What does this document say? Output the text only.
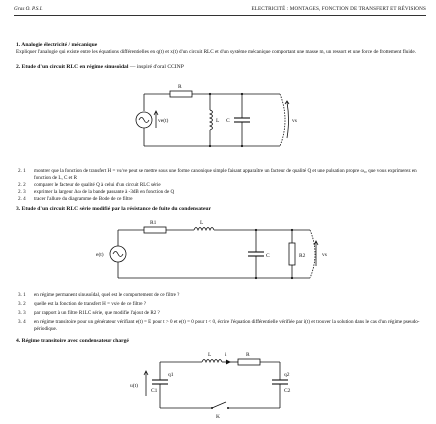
Gras O. P.S.I.	ELECTRICITÉ : MONTAGES, FONCTION DE TRANSFERT ET RÉVISIONS
1. Analogie électricité / mécanique
Expliquer l'analogie qui existe entre les équations différentielles en q(t) et x(t) d'un circuit RLC et d'un système mécanique comportant une masse m, un ressort et une force de frottement fluide.
2. Etude d'un circuit RLC en régime sinusoïdal — inspiré d'oral CCINP
R
L C
ve(t)	vs
2. 1 montrer que la fonction de transfert H = vs/ve peut se mettre sous une forme canonique simple faisant apparaître un facteur de qualité Q et une pulsation propre ω₀, que vous exprimerez en fonction de L, C et R
2. 2 comparer le facteur de qualité Q à celui d'un circuit RLC série
2. 3 exprimer la largeur Δω de la bande passante à -3dB en fonction de Q
2. 4 tracer l'allure du diagramme de Bode de ce filtre
3. Etude d'un circuit RLC série modifié par la résistance de fuite du condensateur
R1	L
C	R2
e(t)	vs
3. 1 en régime permanent sinusoïdal, quel est le comportement de ce filtre ?
3. 2 quelle est la fonction de transfert H = vs/e de ce filtre ?
3. 3 par rapport à un filtre R1LC série, que modifie l'ajout de R2 ?
3. 4 en régime transitoire pour un générateur vérifiant e(t) = E pour t > 0 et e(t) = 0 pour t < 0, écrire l'équation différentielle vérifiée par i(t) et trouver la solution dans le cas d'un régime pseudo-périodique.
4. Régime transitoire avec condensateur chargé
u(t)
C1
q1
L i	R
q2
C2
K
